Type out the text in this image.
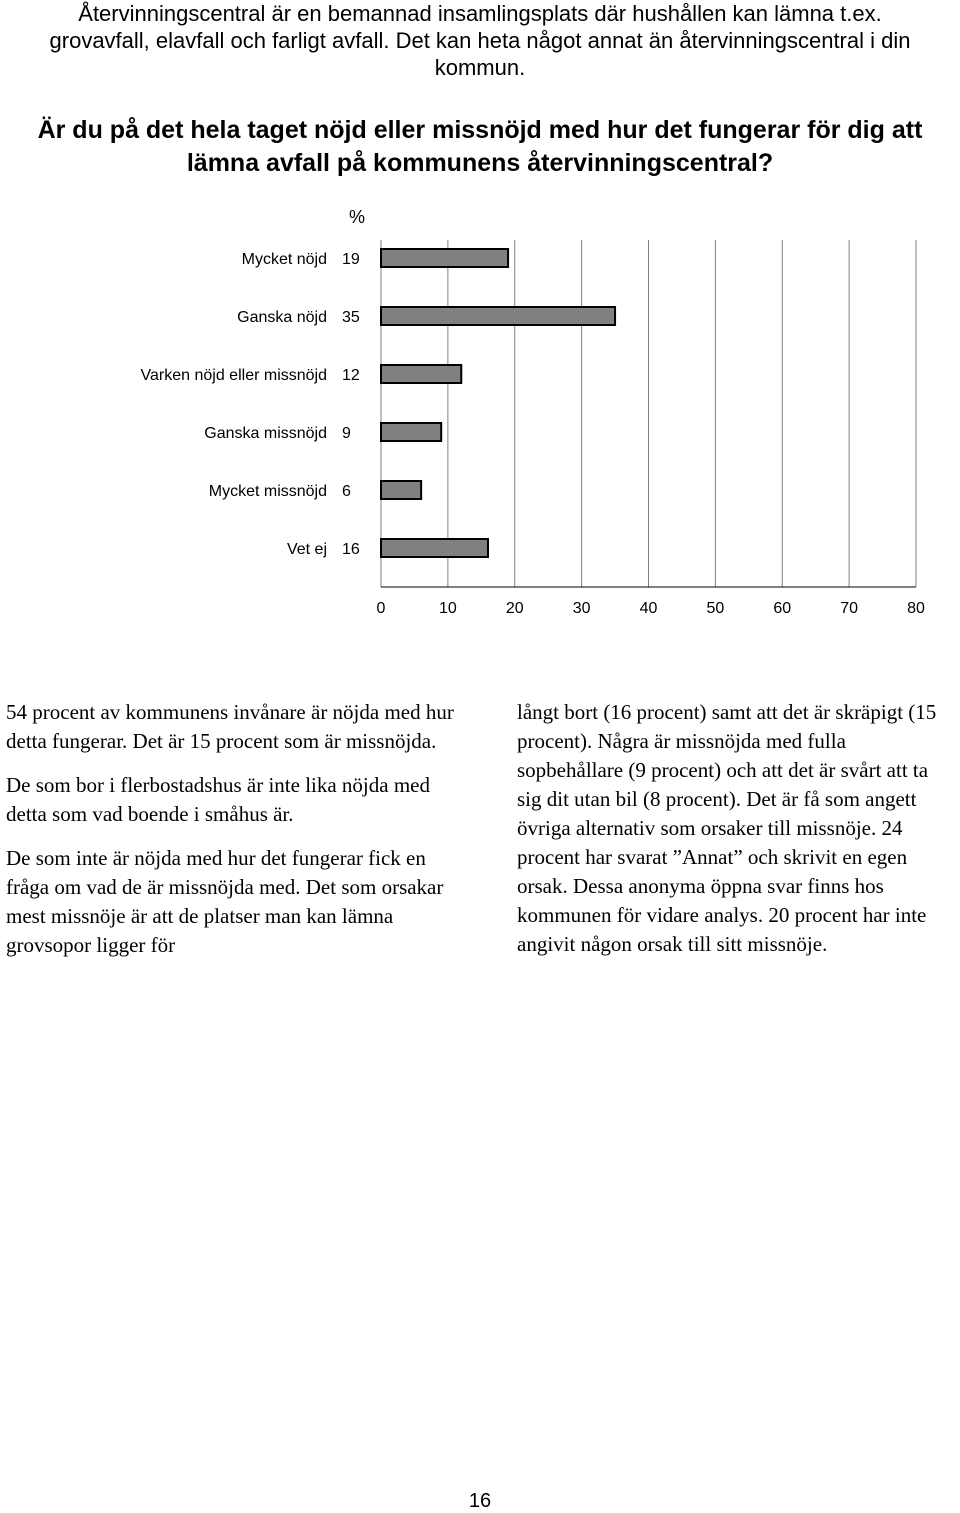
Återvinningscentral är en bemannad insamlingsplats där hushållen kan lämna t.ex. grovavfall, elavfall och farligt avfall. Det kan heta något annat än återvinningscentral i din kommun.

Är du på det hela taget nöjd eller missnöjd med hur det fungerar för dig att lämna avfall på kommunens återvinningscentral?

%
Mycket nöjd 19
Ganska nöjd 35
Varken nöjd eller missnöjd 12
Ganska missnöjd 9
Mycket missnöjd 6
Vet ej 16
0	10	20	30	40	50	60	70	80

54 procent av kommunens invånare är nöjda med hur detta fungerar. Det är 15 procent som är missnöjda.

De som bor i flerbostadshus är inte lika nöjda med detta som vad boende i småhus är.

De som inte är nöjda med hur det fungerar fick en fråga om vad de är missnöjda med. Det som orsakar mest missnöje är att de platser man kan lämna grovsopor ligger för

långt bort (16 procent) samt att det är skräpigt (15 procent). Några är missnöjda med fulla sopbehållare (9 procent) och att det är svårt att ta sig dit utan bil (8 procent). Det är få som angett övriga alternativ som orsaker till missnöje. 24 procent har svarat ”Annat” och skrivit en egen orsak. Dessa anonyma öppna svar finns hos kommunen för vidare analys. 20 procent har inte angivit någon orsak till sitt missnöje.

16
